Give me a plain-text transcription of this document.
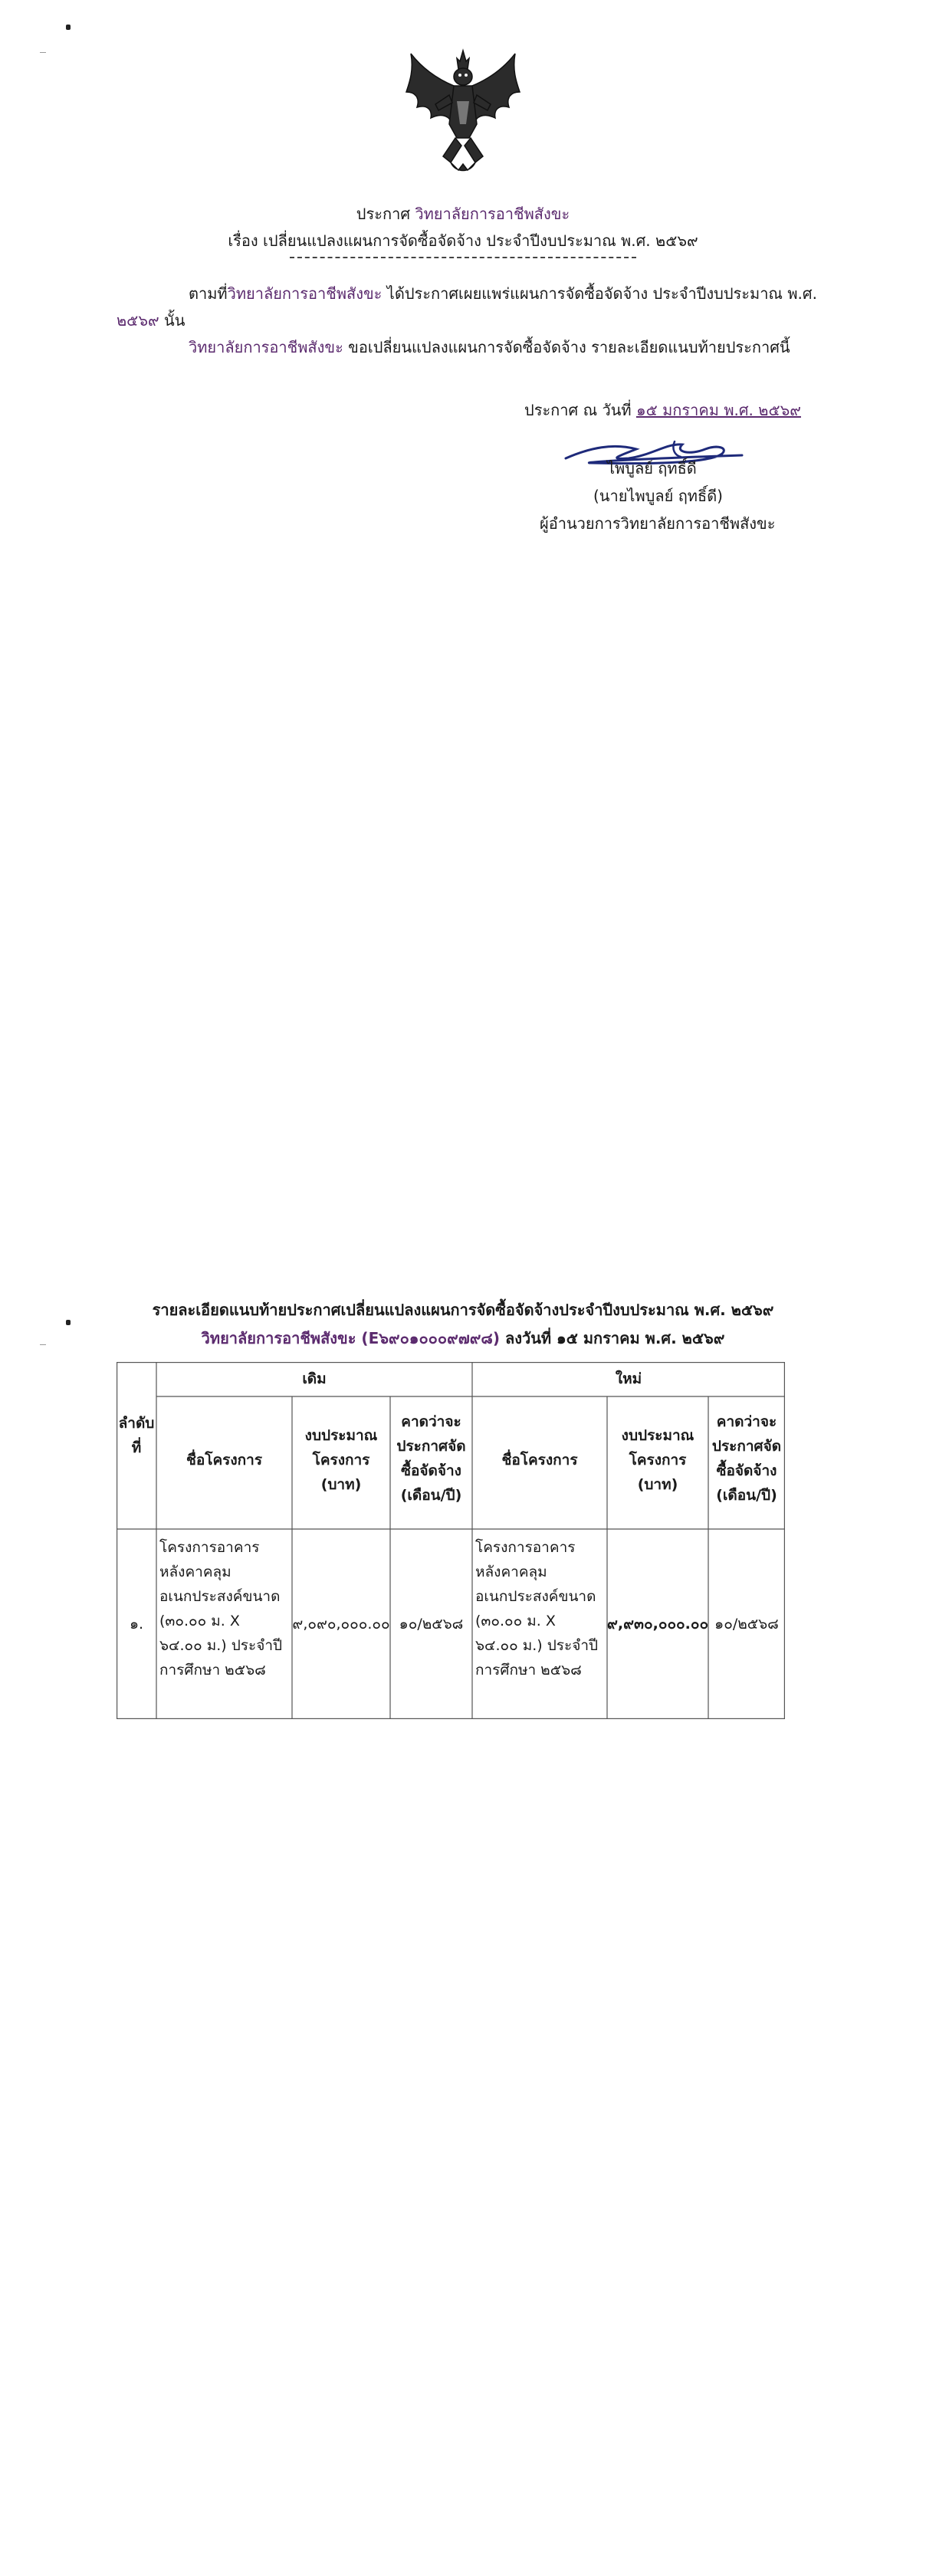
ประกาศ วิทยาลัยการอาชีพสังขะ
เรื่อง เปลี่ยนแปลงแผนการจัดซื้อจัดจ้าง ประจำปีงบประมาณ พ.ศ. ๒๕๖๙
ตามที่วิทยาลัยการอาชีพสังขะ ได้ประกาศเผยแพร่แผนการจัดซื้อจัดจ้าง ประจำปีงบประมาณ พ.ศ.
๒๕๖๙ นั้น
วิทยาลัยการอาชีพสังขะ ขอเปลี่ยนแปลงแผนการจัดซื้อจัดจ้าง รายละเอียดแนบท้ายประกาศนี้
ประกาศ ณ วันที่ ๑๕ มกราคม พ.ศ. ๒๕๖๙
ไพบูลย์ ฤทธิ์ดี
(นายไพบูลย์ ฤทธิ์ดี)
ผู้อำนวยการวิทยาลัยการอาชีพสังขะ
รายละเอียดแนบท้ายประกาศเปลี่ยนแปลงแผนการจัดซื้อจัดจ้างประจำปีงบประมาณ พ.ศ. ๒๕๖๙
วิทยาลัยการอาชีพสังขะ (E๖๙๐๑๐๐๐๙๗๙๘) ลงวันที่ ๑๕ มกราคม พ.ศ. ๒๕๖๙
ลำดับ
ที่
เดิม	ใหม่
ชื่อโครงการ
งบประมาณ
โครงการ
(บาท)
คาดว่าจะ
ประกาศจัด
ซื้อจัดจ้าง
(เดือน/ปี)
ชื่อโครงการ
งบประมาณ
โครงการ
(บาท)
คาดว่าจะ
ประกาศจัด
ซื้อจัดจ้าง
(เดือน/ปี)
๑.
โครงการอาคาร
หลังคาคลุม
อเนกประสงค์ขนาด
(๓๐.๐๐ ม. X
๖๔.๐๐ ม.) ประจำปี
การศึกษา ๒๕๖๘
๙,๐๙๐,๐๐๐.๐๐ ๑๐/๒๕๖๘
โครงการอาคาร
หลังคาคลุม
อเนกประสงค์ขนาด
(๓๐.๐๐ ม. X
๖๔.๐๐ ม.) ประจำปี
การศึกษา ๒๕๖๘
๙,๙๓๐,๐๐๐.๐๐ ๑๐/๒๕๖๘
